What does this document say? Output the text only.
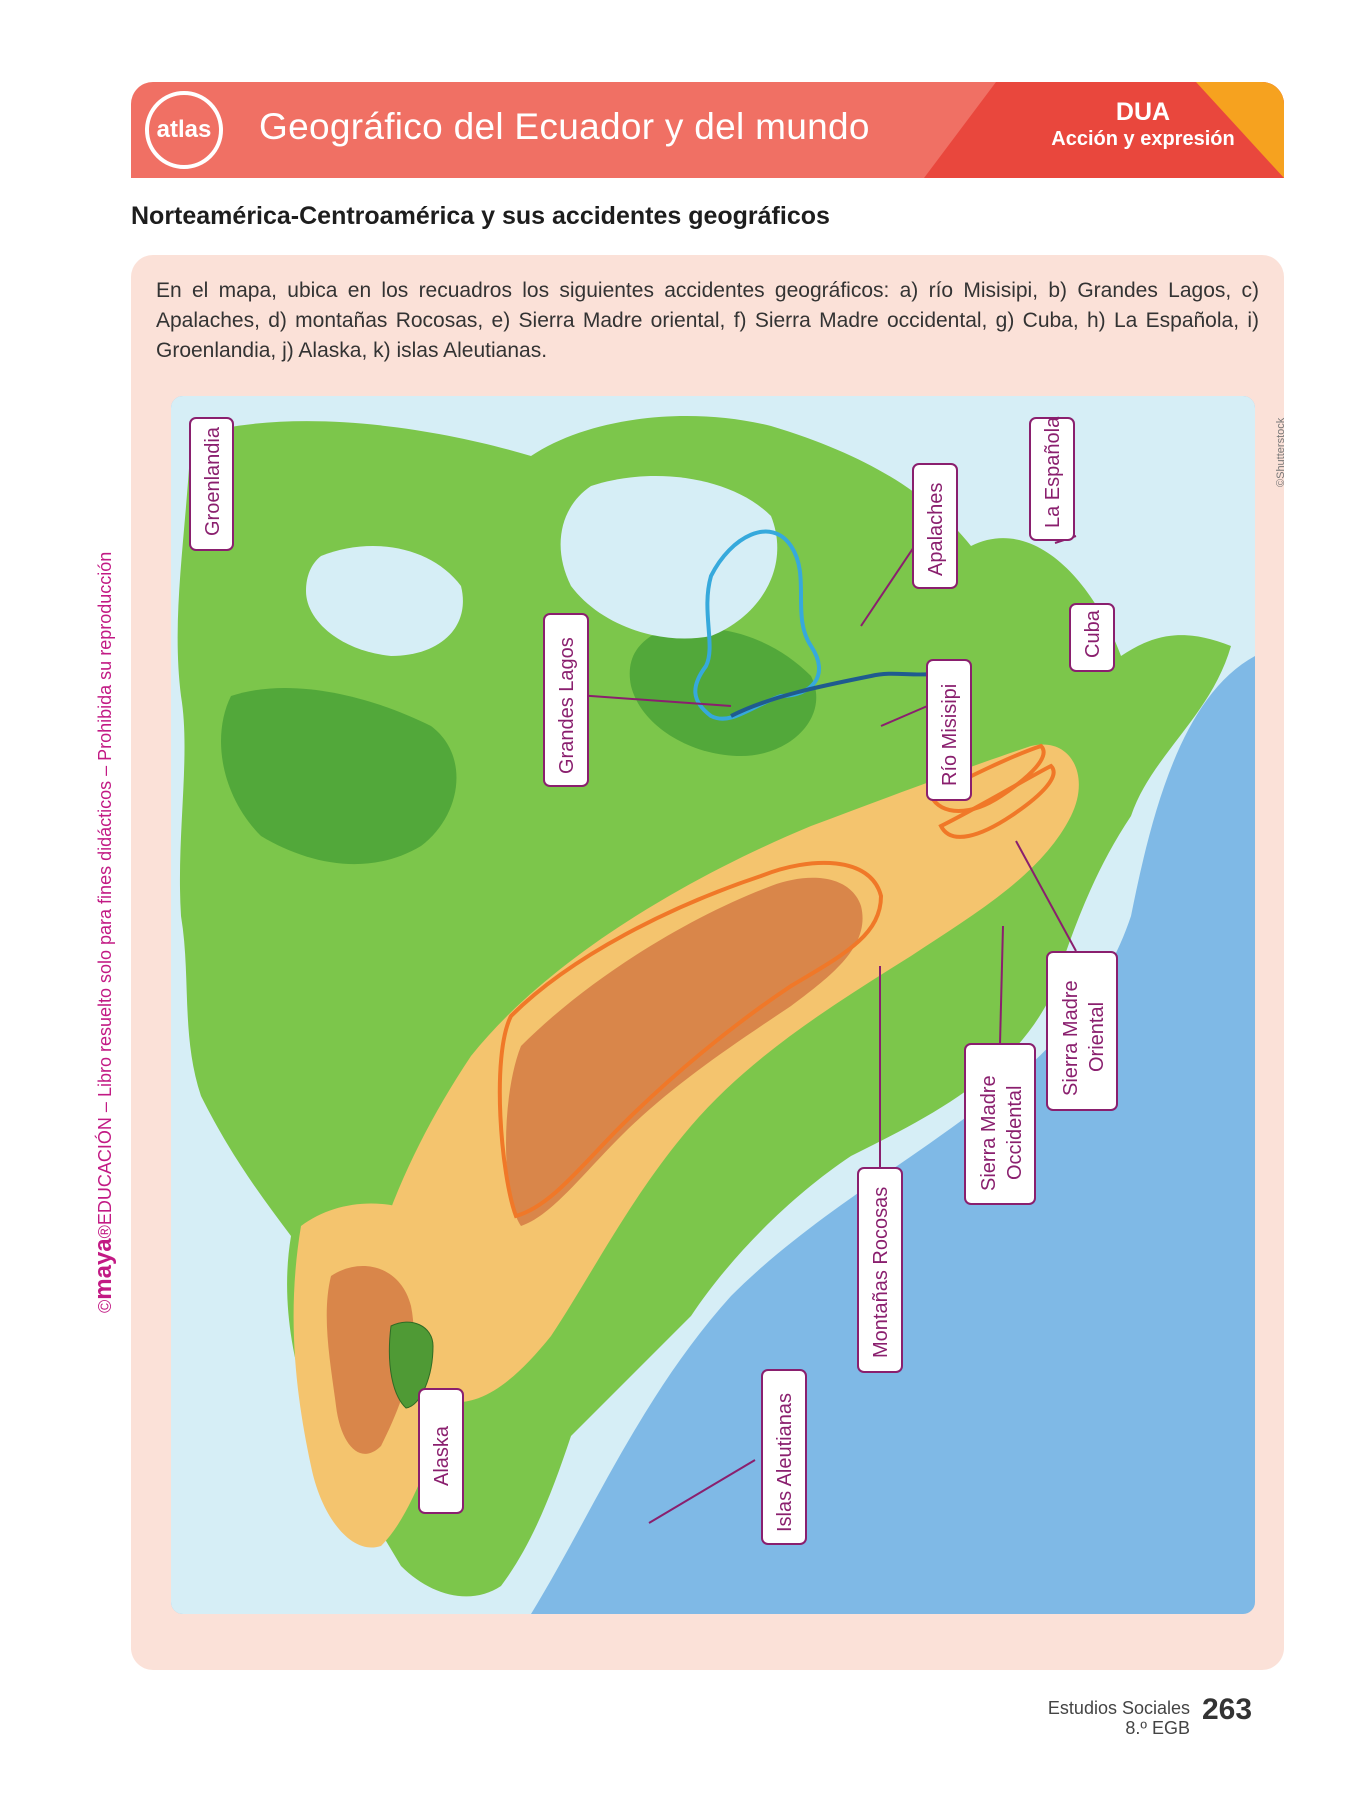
atlas Geográfico del Ecuador y del mundo	DUA
Acción y expresión
Norteamérica-Centroamérica y sus accidentes geográficos
En el mapa, ubica en los recuadros los siguientes accidentes geográficos: a) río Misisipi, b) Grandes Lagos, c) Apalaches, d) montañas Rocosas, e) Sierra Madre oriental, f) Sierra Madre occidental, g) Cuba, h) La Española, i) Groenlandia, j) Alaska, k) islas Aleutianas.
Groenlandia
Grandes Lagos
Apalaches
La Española
Cuba
Río Misisipi
Sierra Madre Occidental
Sierra Madre Oriental
Montañas Rocosas
Islas Aleutianas
Alaska
©Shutterstock
©maya®EDUCACIÓN – Libro resuelto solo para fines didácticos – Prohibida su reproducción
Estudios Sociales
8.º EGB
263
